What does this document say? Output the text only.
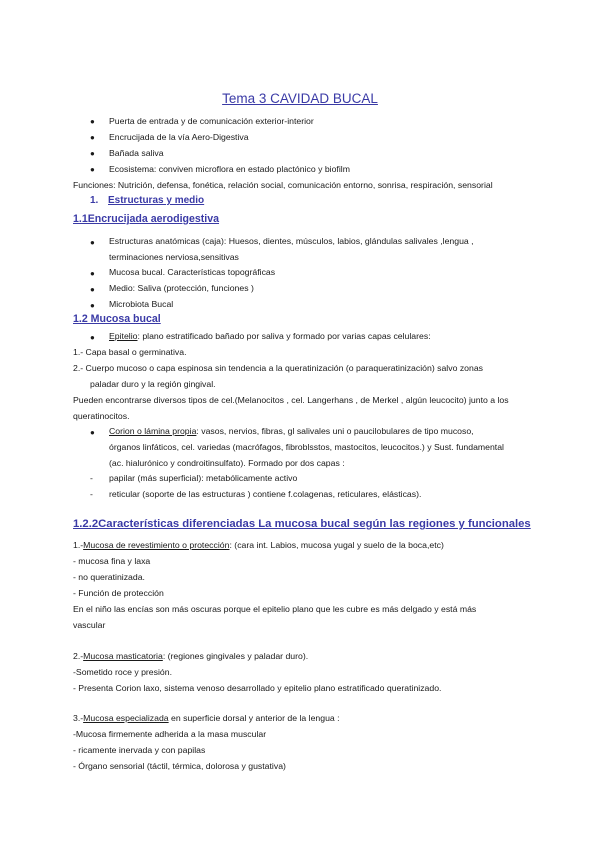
Tema 3 CAVIDAD BUCAL
● Puerta de entrada y de comunicación exterior-interior
● Encrucijada de la vía Aero-Digestiva
● Bañada saliva
● Ecosistema: conviven microflora en estado plactónico y biofilm
Funciones: Nutrición, defensa, fonética, relación social, comunicación entorno, sonrisa, respiración, sensorial
1. Estructuras y medio
1.1Encrucijada aerodigestiva
● Estructuras anatómicas (caja): Huesos, dientes, músculos, labios, glándulas salivales ,lengua ,
terminaciones nerviosa,sensitivas
● Mucosa bucal. Características topográficas
● Medio: Saliva (protección, funciones )
● Microbiota Bucal
1.2 Mucosa bucal
● Epitelio: plano estratificado bañado por saliva y formado por varias capas celulares:
1.- Capa basal o germinativa.
2.- Cuerpo mucoso o capa espinosa sin tendencia a la queratinización (o paraqueratinización) salvo zonas
paladar duro y la región gingival.
Pueden encontrarse diversos tipos de cel.(Melanocitos , cel. Langerhans , de Merkel , algún leucocito) junto a los
queratinocitos.
● Corion o lámina propia: vasos, nervios, fibras, gl salivales uni o paucilobulares de tipo mucoso,
órganos linfáticos, cel. variedas (macrófagos, fibroblsstos, mastocitos, leucocitos.) y Sust. fundamental
(ac. hialurónico y condroitinsulfato). Formado por dos capas :
- papilar (más superficial): metabólicamente activo
- reticular (soporte de las estructuras ) contiene f.colagenas, reticulares, elásticas).
1.2.2Características diferenciadas La mucosa bucal según las regiones y funcionales
1.-Mucosa de revestimiento o protección: (cara int. Labios, mucosa yugal y suelo de la boca,etc)
- mucosa fina y laxa
- no queratinizada.
- Función de protección
En el niño las encías son más oscuras porque el epitelio plano que les cubre es más delgado y está más
vascular
2.-Mucosa masticatoria: (regiones gingivales y paladar duro).
-Sometido roce y presión.
- Presenta Corion laxo, sistema venoso desarrollado y epitelio plano estratificado queratinizado.
3.-Mucosa especializada en superficie dorsal y anterior de la lengua :
-Mucosa firmemente adherida a la masa muscular
- ricamente inervada y con papilas
- Órgano sensorial (táctil, térmica, dolorosa y gustativa)
